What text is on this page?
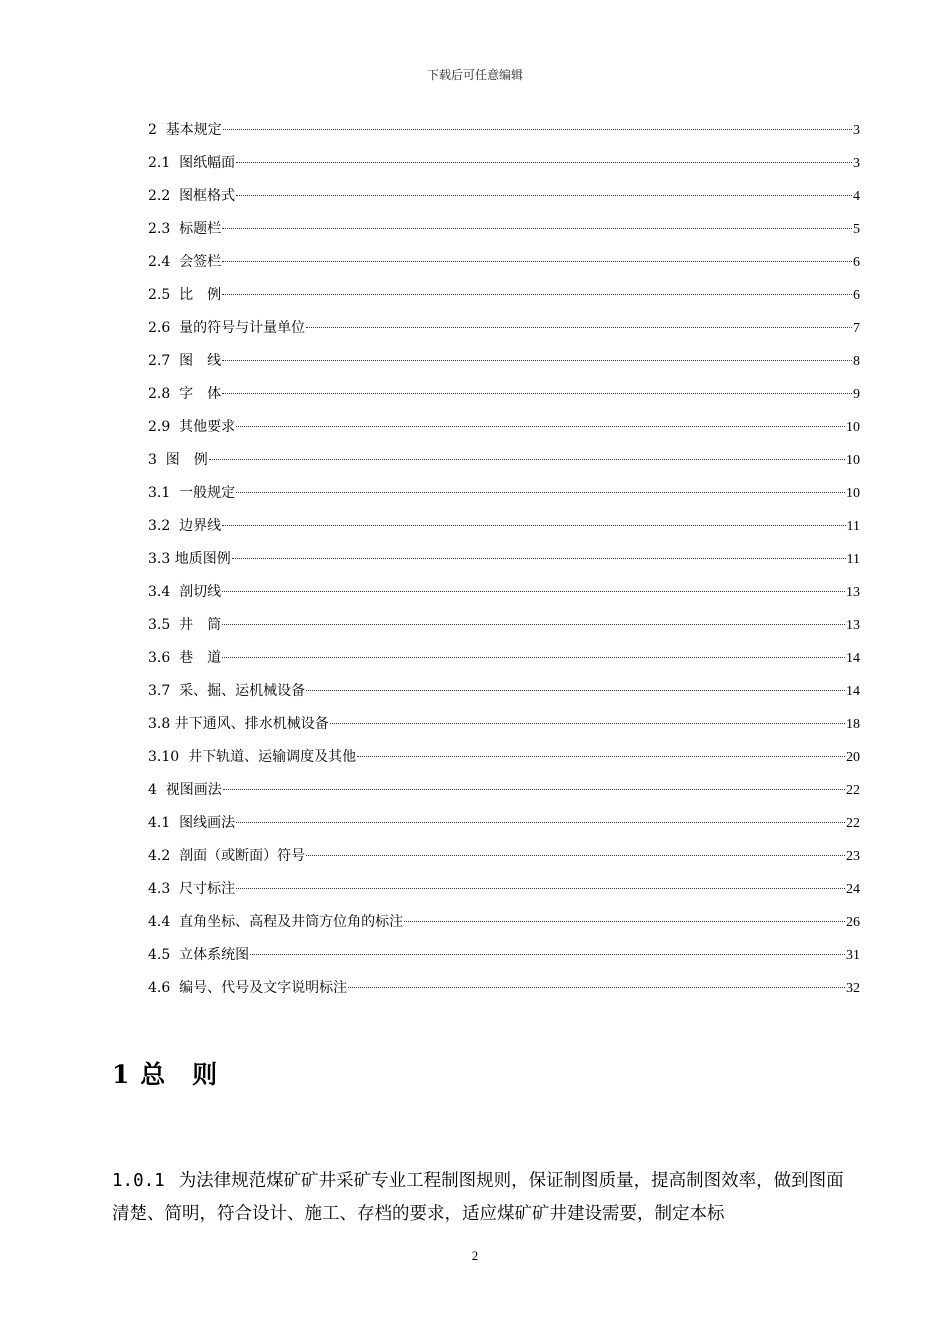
下载后可任意编辑
2  基本规定	3
2.1  图纸幅面	3
2.2  图框格式	4
2.3  标题栏	5
2.4  会签栏	6
2.5  比　例	6
2.6  量的符号与计量单位	7
2.7  图　线	8
2.8  字　体	9
2.9  其他要求	10
3  图　例	10
3.1  一般规定	10
3.2  边界线	11
3.3 地质图例	11
3.4  剖切线	13
3.5  井　筒	13
3.6  巷　道	14
3.7  采、掘、运机械设备	14
3.8 井下通风、排水机械设备	18
3.10  井下轨道、运输调度及其他	20
4  视图画法	22
4.1  图线画法	22
4.2  剖面（或断面）符号	23
4.3  尺寸标注	24
4.4  直角坐标、高程及井筒方位角的标注	26
4.5  立体系统图	31
4.6  编号、代号及文字说明标注	32
1 总　则

1.0.1 为法律规范煤矿矿井采矿专业工程制图规则，保证制图质量，提高制图效率，做到图面清楚、简明，符合设计、施工、存档的要求，适应煤矿矿井建设需要，制定本标

2
